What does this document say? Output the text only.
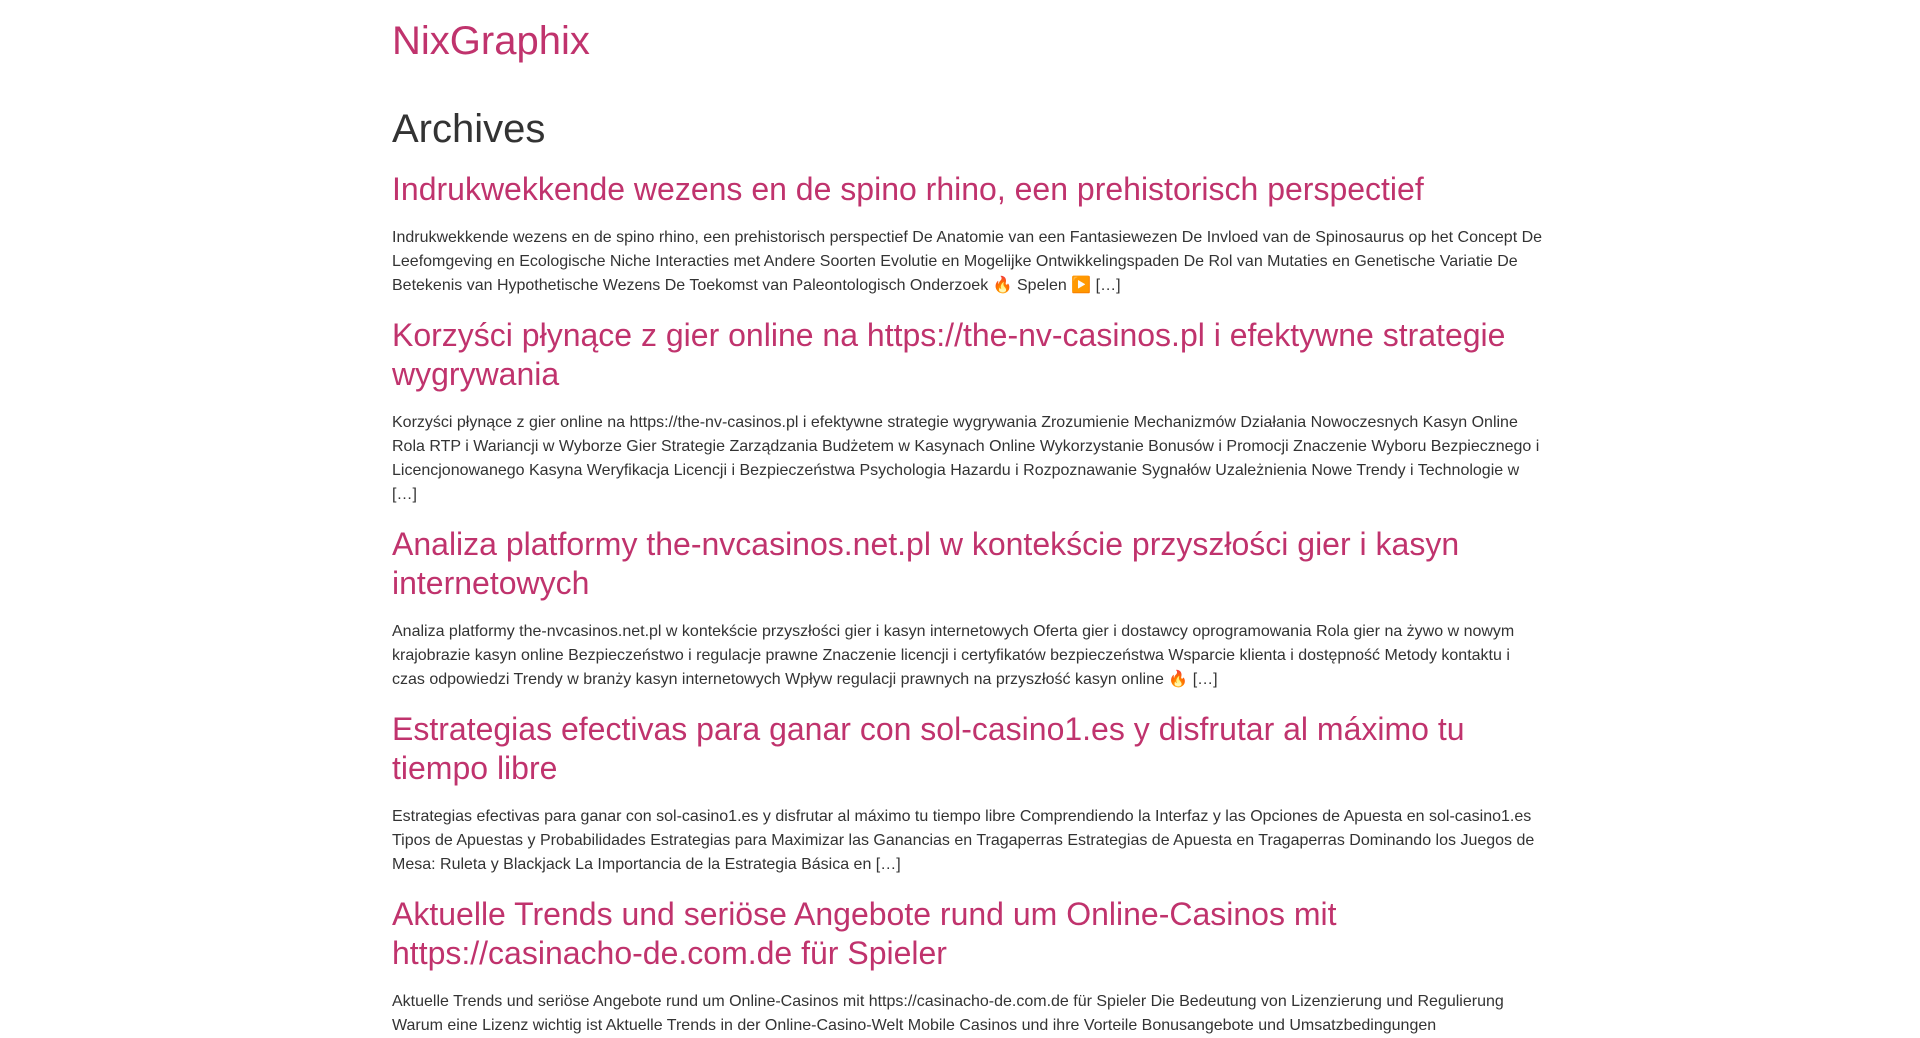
NixGraphix
Archives
Indrukwekkende wezens en de spino rhino, een prehistorisch perspectief

Indrukwekkende wezens en de spino rhino, een prehistorisch perspectief De Anatomie van een Fantasiewezen De Invloed van de Spinosaurus op het Concept De Leefomgeving en Ecologische Niche Interacties met Andere Soorten Evolutie en Mogelijke Ontwikkelingspaden De Rol van Mutaties en Genetische Variatie De Betekenis van Hypothetische Wezens De Toekomst van Paleontologisch Onderzoek 🔥 Spelen ▶️ […]

Korzyści płynące z gier online na https://the-nv-casinos.pl i efektywne strategie wygrywania

Korzyści płynące z gier online na https://the-nv-casinos.pl i efektywne strategie wygrywania Zrozumienie Mechanizmów Działania Nowoczesnych Kasyn Online Rola RTP i Wariancji w Wyborze Gier Strategie Zarządzania Budżetem w Kasynach Online Wykorzystanie Bonusów i Promocji Znaczenie Wyboru Bezpiecznego i Licencjonowanego Kasyna Weryfikacja Licencji i Bezpieczeństwa Psychologia Hazardu i Rozpoznawanie Sygnałów Uzależnienia Nowe Trendy i Technologie w […]

Analiza platformy the-nvcasinos.net.pl w kontekście przyszłości gier i kasyn internetowych

Analiza platformy the-nvcasinos.net.pl w kontekście przyszłości gier i kasyn internetowych Oferta gier i dostawcy oprogramowania Rola gier na żywo w nowym krajobrazie kasyn online Bezpieczeństwo i regulacje prawne Znaczenie licencji i certyfikatów bezpieczeństwa Wsparcie klienta i dostępność Metody kontaktu i czas odpowiedzi Trendy w branży kasyn internetowych Wpływ regulacji prawnych na przyszłość kasyn online 🔥 […]

Estrategias efectivas para ganar con sol-casino1.es y disfrutar al máximo tu tiempo libre

Estrategias efectivas para ganar con sol-casino1.es y disfrutar al máximo tu tiempo libre Comprendiendo la Interfaz y las Opciones de Apuesta en sol-casino1.es Tipos de Apuestas y Probabilidades Estrategias para Maximizar las Ganancias en Tragaperras Estrategias de Apuesta en Tragaperras Dominando los Juegos de Mesa: Ruleta y Blackjack La Importancia de la Estrategia Básica en […]

Aktuelle Trends und seriöse Angebote rund um Online-Casinos mit https://casinacho-de.com.de für Spieler

Aktuelle Trends und seriöse Angebote rund um Online-Casinos mit https://casinacho-de.com.de für Spieler Die Bedeutung von Lizenzierung und Regulierung Warum eine Lizenz wichtig ist Aktuelle Trends in der Online-Casino-Welt Mobile Casinos und ihre Vorteile Bonusangebote und Umsatzbedingungen
